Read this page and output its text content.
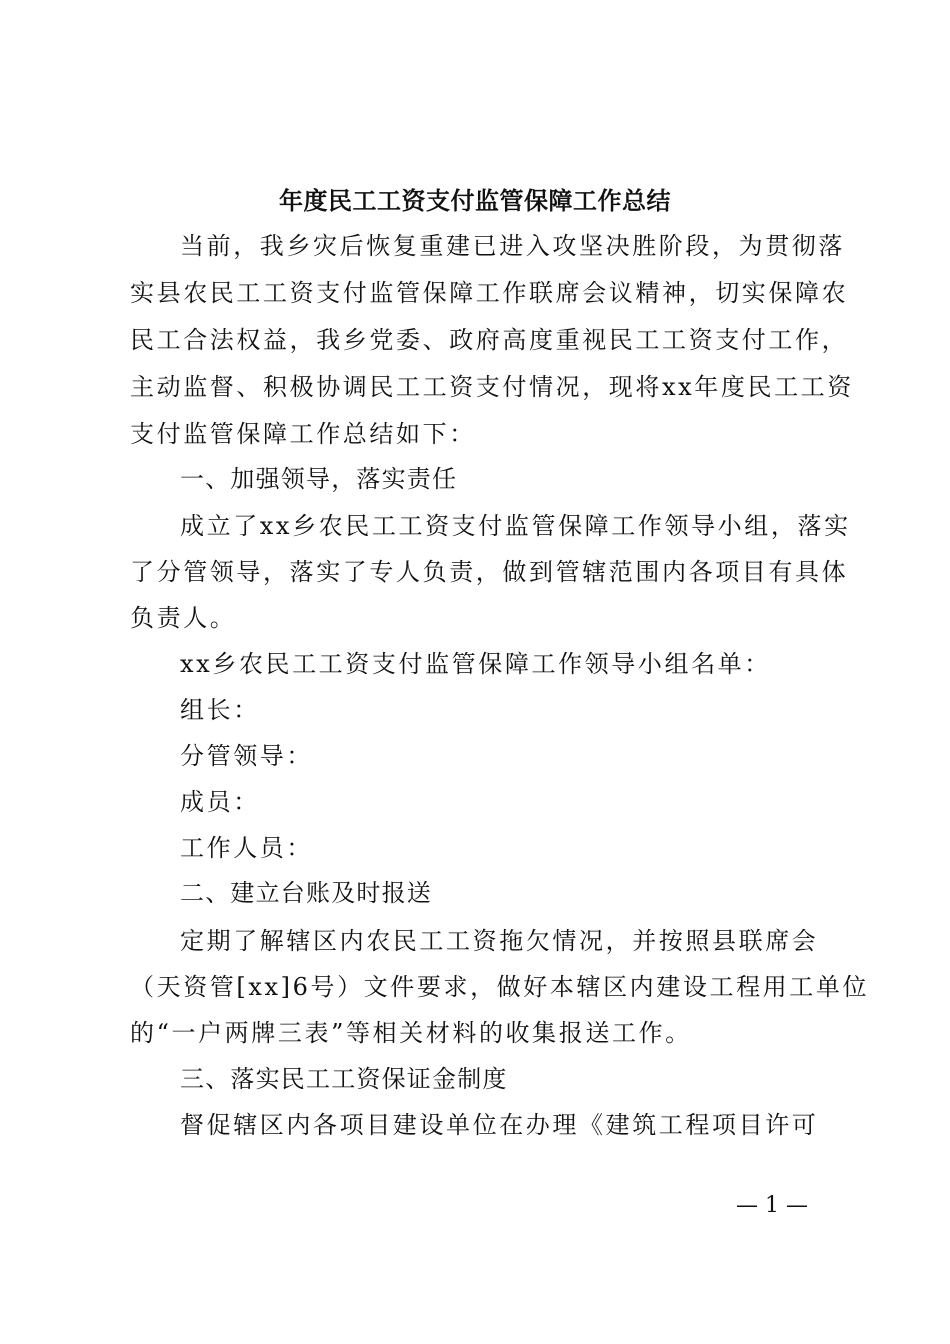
年度民工工资支付监管保障工作总结
当前，我乡灾后恢复重建已进入攻坚决胜阶段，为贯彻落
实县农民工工资支付监管保障工作联席会议精神，切实保障农
民工合法权益，我乡党委、政府高度重视民工工资支付工作，
主动监督、积极协调民工工资支付情况，现将xx年度民工工资
支付监管保障工作总结如下：
一、加强领导，落实责任
成立了xx乡农民工工资支付监管保障工作领导小组，落实
了分管领导，落实了专人负责，做到管辖范围内各项目有具体
负责人。
xx乡农民工工资支付监管保障工作领导小组名单：
组长：
分管领导：
成员：
工作人员：
二、建立台账及时报送
定期了解辖区内农民工工资拖欠情况，并按照县联席会
（天资管[xx]6号）文件要求，做好本辖区内建设工程用工单位
的“一户两牌三表”等相关材料的收集报送工作。
三、落实民工工资保证金制度
督促辖区内各项目建设单位在办理《建筑工程项目许可
— 1 —
